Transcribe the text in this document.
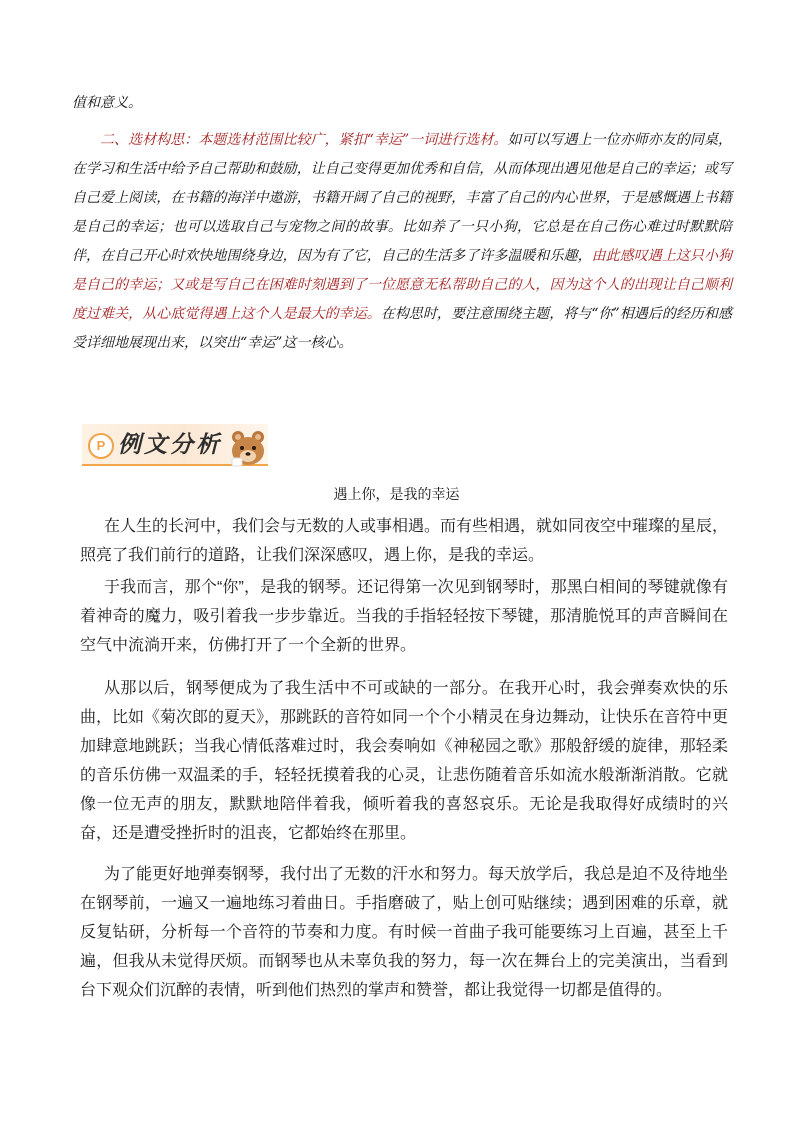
值和意义。

二、选材构思：本题选材范围比较广，紧扣“幸运”一词进行选材。如可以写遇上一位亦师亦友的同桌，在学习和生活中给予自己帮助和鼓励，让自己变得更加优秀和自信，从而体现出遇见他是自己的幸运；或写自己爱上阅读，在书籍的海洋中遨游，书籍开阔了自己的视野，丰富了自己的内心世界，于是感慨遇上书籍是自己的幸运；也可以选取自己与宠物之间的故事。比如养了一只小狗，它总是在自己伤心难过时默默陪伴，在自己开心时欢快地围绕身边，因为有了它，自己的生活多了许多温暖和乐趣，由此感叹遇上这只小狗是自己的幸运；又或是写自己在困难时刻遇到了一位愿意无私帮助自己的人，因为这个人的出现让自己顺利度过难关，从心底觉得遇上这个人是最大的幸运。在构思时，要注意围绕主题，将与“你”相遇后的经历和感受详细地展现出来，以突出“幸运”这一核心。

P 例文分析

遇上你，是我的幸运

在人生的长河中，我们会与无数的人或事相遇。而有些相遇，就如同夜空中璀璨的星辰，照亮了我们前行的道路，让我们深深感叹，遇上你，是我的幸运。

于我而言，那个“你”，是我的钢琴。还记得第一次见到钢琴时，那黑白相间的琴键就像有着神奇的魔力，吸引着我一步步靠近。当我的手指轻轻按下琴键，那清脆悦耳的声音瞬间在空气中流淌开来，仿佛打开了一个全新的世界。

从那以后，钢琴便成为了我生活中不可或缺的一部分。在我开心时，我会弹奏欢快的乐曲，比如《菊次郎的夏天》，那跳跃的音符如同一个个小精灵在身边舞动，让快乐在音符中更加肆意地跳跃；当我心情低落难过时，我会奏响如《神秘园之歌》那般舒缓的旋律，那轻柔的音乐仿佛一双温柔的手，轻轻抚摸着我的心灵，让悲伤随着音乐如流水般渐渐消散。它就像一位无声的朋友，默默地陪伴着我，倾听着我的喜怒哀乐。无论是我取得好成绩时的兴奋，还是遭受挫折时的沮丧，它都始终在那里。

为了能更好地弹奏钢琴，我付出了无数的汗水和努力。每天放学后，我总是迫不及待地坐在钢琴前，一遍又一遍地练习着曲日。手指磨破了，贴上创可贴继续；遇到困难的乐章，就反复钻研，分析每一个音符的节奏和力度。有时候一首曲子我可能要练习上百遍，甚至上千遍，但我从未觉得厌烦。而钢琴也从未辜负我的努力，每一次在舞台上的完美演出，当看到台下观众们沉醉的表情，听到他们热烈的掌声和赞誉，都让我觉得一切都是值得的。
